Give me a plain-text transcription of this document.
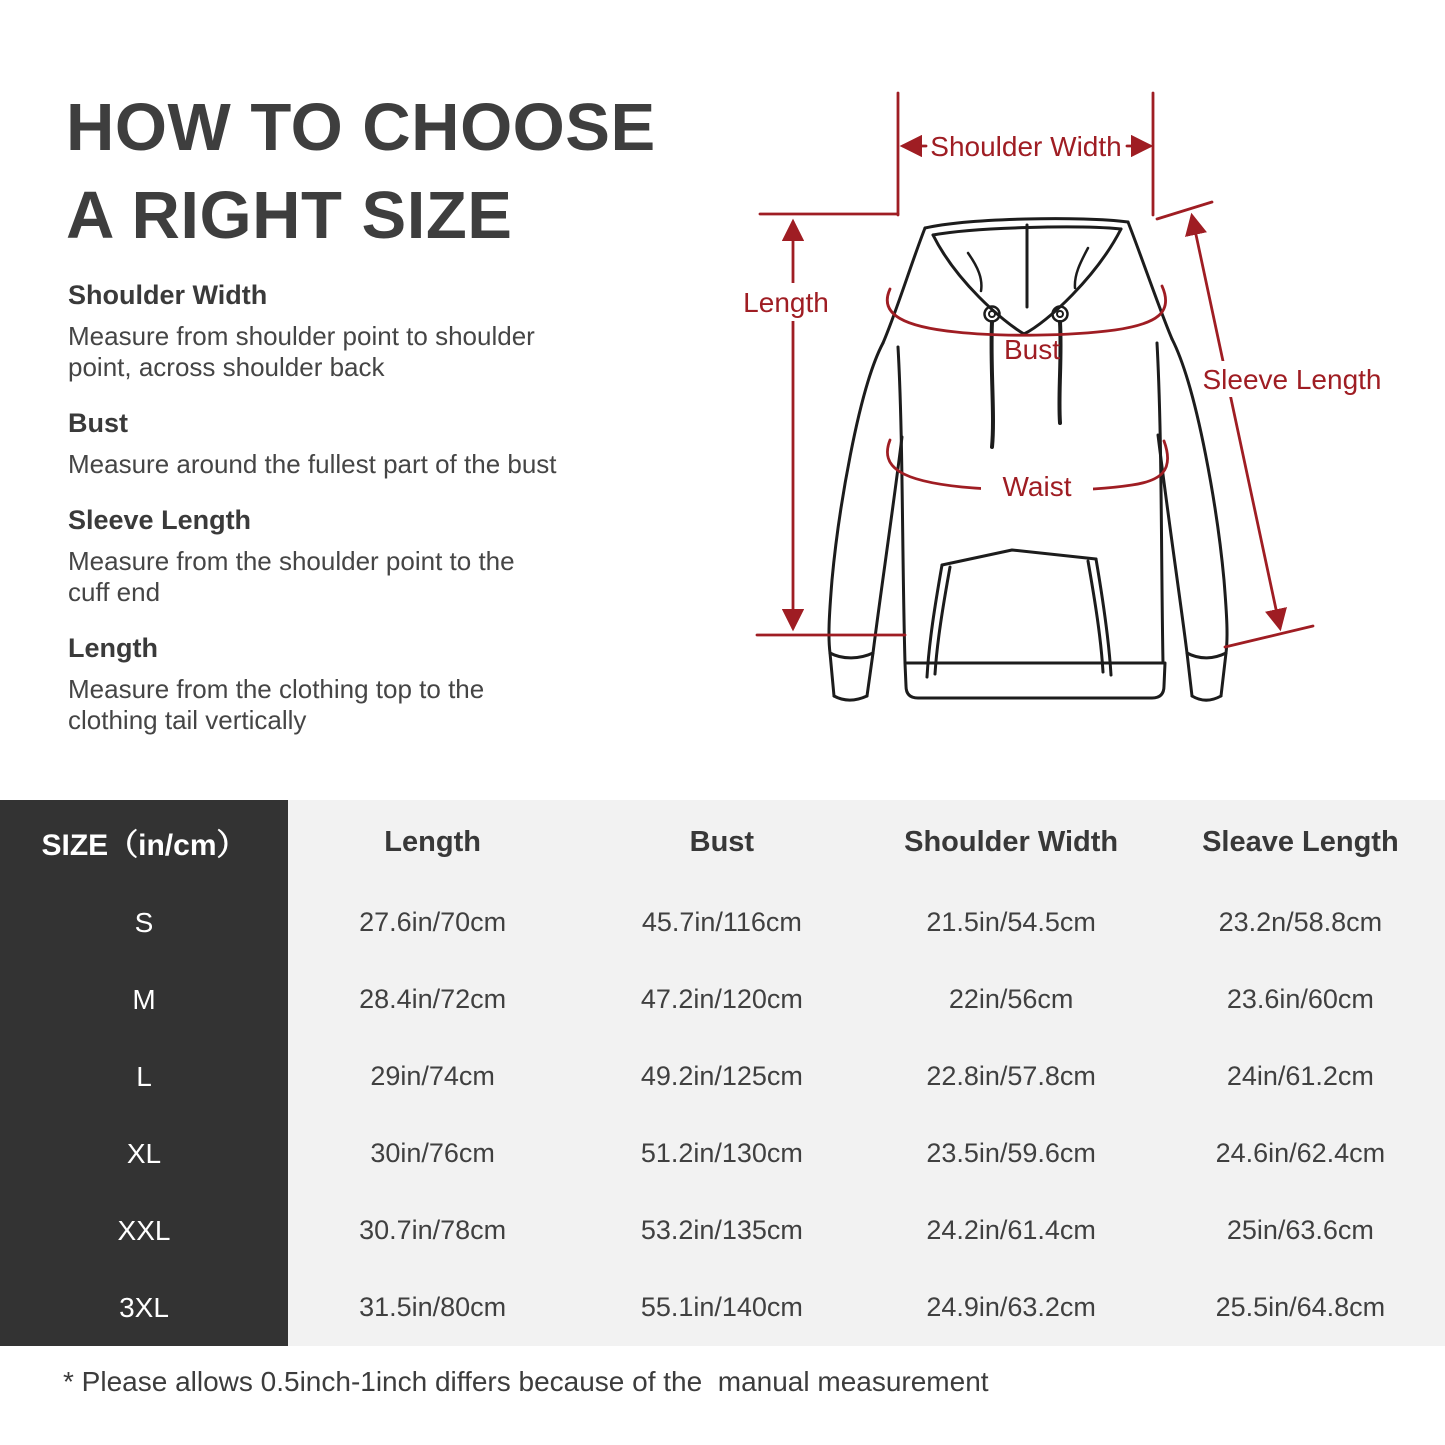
HOW TO CHOOSE
A RIGHT SIZE
Shoulder Width
Measure from shoulder point to shoulder
point, across shoulder back
Bust
Measure around the fullest part of the bust
Sleeve Length
Measure from the shoulder point to the
cuff end
Length
Measure from the clothing top to the
clothing tail vertically
Shoulder Width
Length
Sleeve Length
Bust
Waist
SIZE（in/cm）	Length	Bust	Shoulder Width	Sleave Length
S	27.6in/70cm	45.7in/116cm	21.5in/54.5cm	23.2n/58.8cm
M	28.4in/72cm	47.2in/120cm	22in/56cm	23.6in/60cm
L	29in/74cm	49.2in/125cm	22.8in/57.8cm	24in/61.2cm
XL	30in/76cm	51.2in/130cm	23.5in/59.6cm	24.6in/62.4cm
XXL	30.7in/78cm	53.2in/135cm	24.2in/61.4cm	25in/63.6cm
3XL	31.5in/80cm	55.1in/140cm	24.9in/63.2cm	25.5in/64.8cm
* Please allows 0.5inch-1inch differs because of the  manual measurement
